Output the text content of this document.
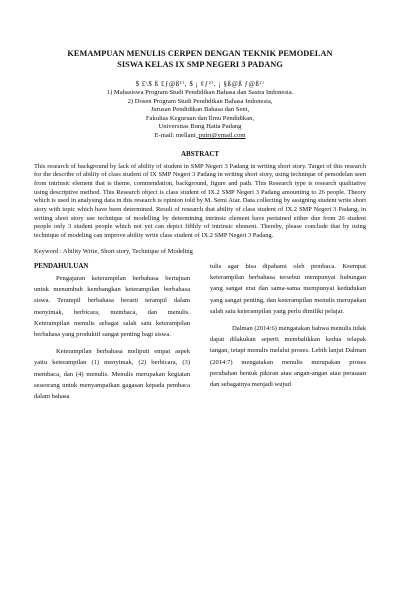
KEMAMPUAN MENULIS CERPEN DENGAN TEKNIK PEMODELAN
SISWA KELAS IX SMP NEGERI 3 PADANG
$ £\$ ß £ƒ@ß¹⁾, $ ¡ ¢ƒ²⁾, ¡ §ß@ß ƒ@ß²⁾
1) Mahasiswa Program Studi Pendidikan Bahasa dan Sastra Indonesia.
2) Dosen Program Studi Pendidikan Bahasa Indonesia,
Jurusan Pendidikan Bahasa dan Seni,
Fakultas Keguruan dan Ilmu Pendidikan,
Universitas Bung Hatta Padang
E-mail: mellani_putri@ymail.com
ABSTRACT
This research of background by lack of ability of student in SMP Negeri 3 Padang in writing short story. Target of this research for the describe of ability of class student of IX SMP Negeri 3 Padang in writing short story, using technique of pemodelan seen from intrinsic element that is theme, commendation, background, figure and path. This Research type is research qualitative using descriptive method. This Research object is class student of IX.2 SMP Negeri 3 Padang amounting to 26 people. Theory which is used in analysing data in this research is opinion told by M. Semi Atar. Data collecting by assigning student write short story with topic which have been determined. Result of research that ability of class student of IX.2 SMP Negeri 3 Padang, in writing short story use technique of modelling by determining intrinsic element have pertained either due from 26 student people only 3 student people which not yet can depict fifthly of intrinsic element. Thereby, please conclude that by using technique of modeling can improve ability write class student of IX.2 SMP Negeri 3 Padang.
Keyword : Ability Write, Short story, Technique of Modeling
PENDAHULUAN

Pengajaran keterampilan berbahasa bertujuan untuk menumbuh kembangkan keterampilan berbahasa siswa. Terampil berbahasa berarti terampil dalam menyimak, berbicara, membaca, dan menulis. Keterampilan menulis sebagai salah satu keterampilan berbahasa yang produktif sangat penting bagi siswa.

Keterampilan berbahasa meliputi empat aspek yaitu keterampilan (1) menyimak, (2) berbicara, (3) membaca, dan (4) menulis. Menulis merupakan kegiatan seseorang untuk menyampaikan gagasan kepada pembaca dalam bahasa

tulis agar bisa dipahami oleh pembaca. Keempat keterampilan berbahasa tersebut mempunyai hubungan yang sangat erat dan sama-sama mempunyai kedudukan yang sangat penting, dan keterampilan menulis merupakan salah satu keterampilan yang perlu dimiliki pelajar.

Dalman (2014:6) mengatakan bahwa menulis tidak dapat dilakukan seperti membalikkan kedua telapak tangan, tetapi menulis melalui proses. Lebih lanjut Dalman (2014:7) mengatakan menulis merupakan proses perubahan bentuk pikiran atau angan-angan atau perasaan dan sebagainya menjadi wujud
